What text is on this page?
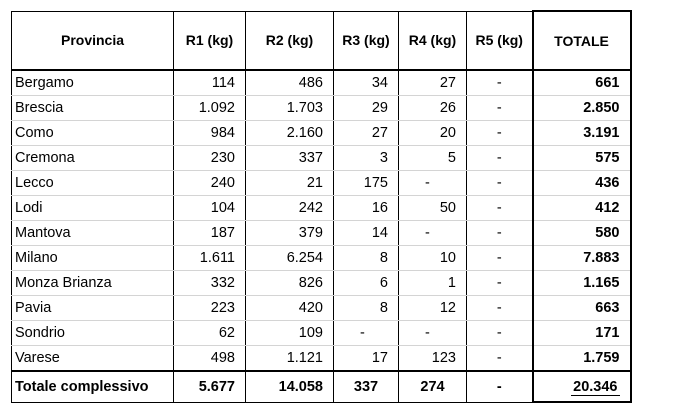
Provincia	R1 (kg)	R2 (kg)	R3 (kg)	R4 (kg)	R5 (kg)	TOTALE
Bergamo	114	486	34	27	-	661
Brescia	1.092	1.703	29	26	-	2.850
Como	984	2.160	27	20	-	3.191
Cremona	230	337	3	5	-	575
Lecco	240	21	175	-	-	436
Lodi	104	242	16	50	-	412
Mantova	187	379	14	-	-	580
Milano	1.611	6.254	8	10	-	7.883
Monza Brianza	332	826	6	1	-	1.165
Pavia	223	420	8	12	-	663
Sondrio	62	109	-	-	-	171
Varese	498	1.121	17	123	-	1.759
Totale complessivo	5.677	14.058	337	274	-	20.346
